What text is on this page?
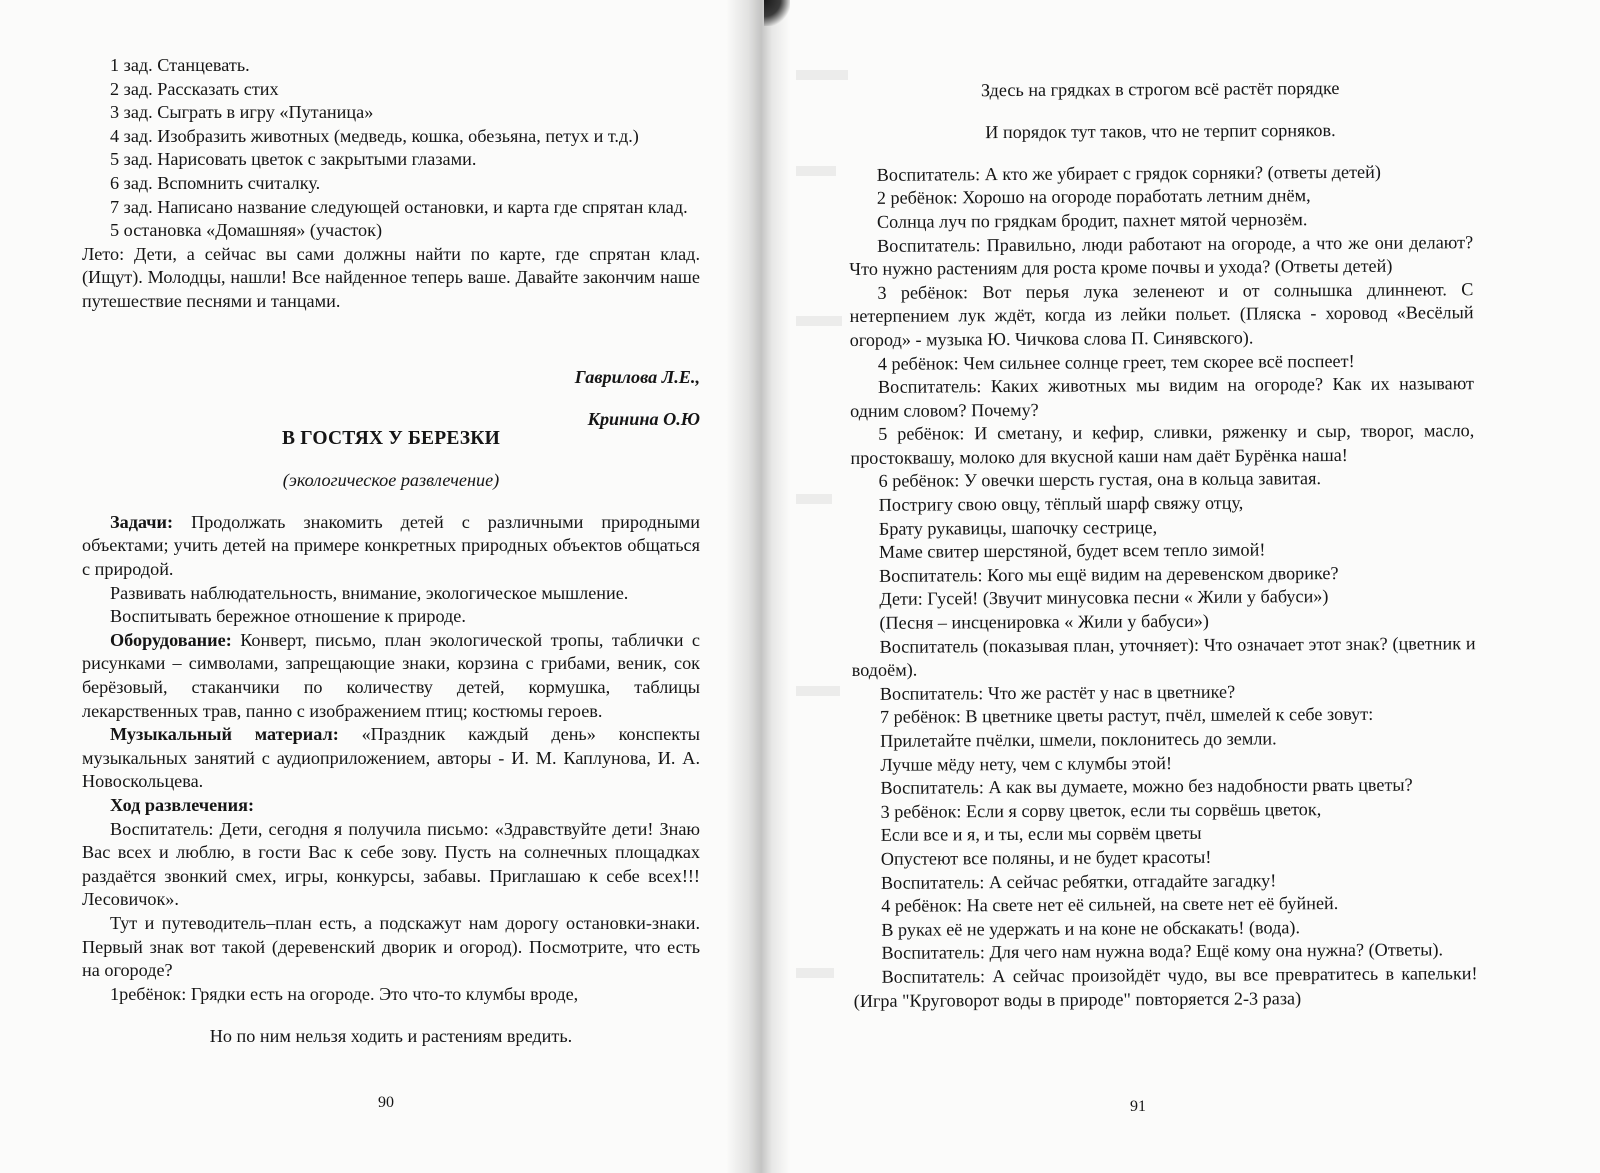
1 зад. Станцевать.

2 зад. Рассказать стих

3 зад. Сыграть в игру «Путаница»

4 зад. Изобразить животных (медведь, кошка, обезьяна, петух и т.д.)

5 зад. Нарисовать цветок с закрытыми глазами.

6 зад. Вспомнить считалку.

7 зад. Написано название следующей остановки, и карта где спрятан клад.

5 остановка «Домашняя» (участок)

Лето: Дети, а сейчас вы сами должны найти по карте, где спрятан клад. (Ищут). Молодцы, нашли! Все найденное теперь ваше. Давайте закончим наше путешествие песнями и танцами.

Гаврилова Л.Е.,

Кринина О.Ю

В ГОСТЯХ У БЕРЕЗКИ

(экологическое развлечение)

Задачи: Продолжать знакомить детей с различными природными объектами; учить детей на примере конкретных природных объектов общаться с природой.

Развивать наблюдательность, внимание, экологическое мышление.

Воспитывать бережное отношение к природе.

Оборудование: Конверт, письмо, план экологической тропы, таблички с рисунками – символами, запрещающие знаки, корзина с грибами, веник, сок берёзовый, стаканчики по количеству детей, кормушка, таблицы лекарственных трав, панно с изображением птиц; костюмы героев.

Музыкальный материал: «Праздник каждый день» конспекты музыкальных занятий с аудиоприложением, авторы - И. М. Каплунова, И. А. Новоскольцева.

Ход развлечения:

Воспитатель: Дети, сегодня я получила письмо: «Здравствуйте дети! Знаю Вас всех и люблю, в гости Вас к себе зову. Пусть на солнечных площадках раздаётся звонкий смех, игры, конкурсы, забавы. Приглашаю к себе всех!!! Лесовичок».

Тут и путеводитель–план есть, а подскажут нам дорогу остановки-знаки. Первый знак вот такой (деревенский дворик и огород). Посмотрите, что есть на огороде?

1ребёнок: Грядки есть на огороде. Это что-то клумбы вроде,

Но по ним нельзя ходить и растениям вредить.

90

Здесь на грядках в строгом всё растёт порядке

И порядок тут таков, что не терпит сорняков.

Воспитатель: А кто же убирает с грядок сорняки? (ответы детей)

2 ребёнок: Хорошо на огороде поработать летним днём,

Солнца луч по грядкам бродит, пахнет мятой чернозём.

Воспитатель: Правильно, люди работают на огороде, а что же они делают? Что нужно растениям для роста кроме почвы и ухода? (Ответы детей)

3 ребёнок: Вот перья лука зеленеют и от солнышка длиннеют. С нетерпением лук ждёт, когда из лейки польет. (Пляска - хоровод «Весёлый огород» - музыка Ю. Чичкова слова П. Синявского).

4 ребёнок: Чем сильнее солнце греет, тем скорее всё поспеет!

Воспитатель: Каких животных мы видим на огороде? Как их называют одним словом? Почему?

5 ребёнок: И сметану, и кефир, сливки, ряженку и сыр, творог, масло, простоквашу, молоко для вкусной каши нам даёт Бурёнка наша!

6 ребёнок: У овечки шерсть густая, она в кольца завитая.

Постригу свою овцу, тёплый шарф свяжу отцу,

Брату рукавицы, шапочку сестрице,

Маме свитер шерстяной, будет всем тепло зимой!

Воспитатель: Кого мы ещё видим на деревенском дворике?

Дети: Гусей! (Звучит минусовка песни « Жили у бабуси»)

(Песня – инсценировка « Жили у бабуси»)

Воспитатель (показывая план, уточняет): Что означает этот знак? (цветник и водоём).

Воспитатель: Что же растёт у нас в цветнике?

7 ребёнок: В цветнике цветы растут, пчёл, шмелей к себе зовут:

Прилетайте пчёлки, шмели, поклонитесь до земли.

Лучше мёду нету, чем с клумбы этой!

Воспитатель: А как вы думаете, можно без надобности рвать цветы?

3 ребёнок: Если я сорву цветок, если ты сорвёшь цветок,

Если все и я, и ты, если мы сорвём цветы

Опустеют все поляны, и не будет красоты!

Воспитатель: А сейчас ребятки, отгадайте загадку!

4 ребёнок: На свете нет её сильней, на свете нет её буйней.

В руках её не удержать и на коне не обскакать! (вода).

Воспитатель: Для чего нам нужна вода? Ещё кому она нужна? (Ответы).

Воспитатель: А сейчас произойдёт чудо, вы все превратитесь в капельки! (Игра "Круговорот воды в природе" повторяется 2-3 раза)

91
